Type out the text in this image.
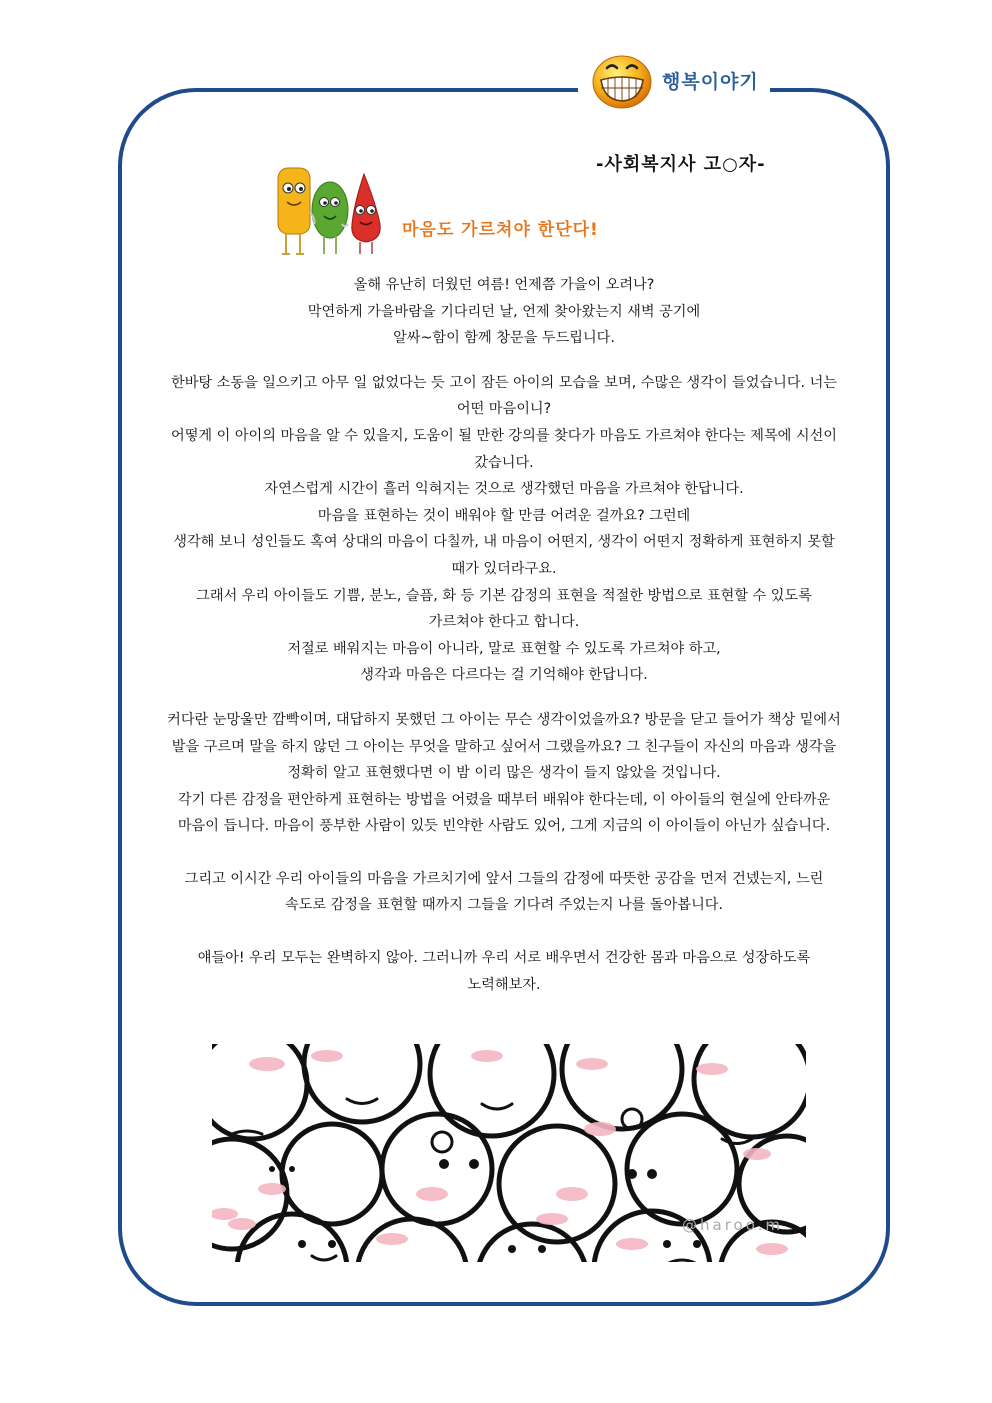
행복이야기
-사회복지사 고○자-
마음도 가르쳐야 한단다!

올해 유난히 더웠던 여름! 언제쯤 가을이 오려나?

막연하게 가을바람을 기다리던 날, 언제 찾아왔는지 새벽 공기에

알싸~함이 함께 창문을 두드립니다.

한바탕 소동을 일으키고 아무 일 없었다는 듯 고이 잠든 아이의 모습을 보며, 수많은 생각이 들었습니다. 너는

어떤 마음이니?

어떻게 이 아이의 마음을 알 수 있을지, 도움이 될 만한 강의를 찾다가 마음도 가르쳐야 한다는 제목에 시선이

갔습니다.

자연스럽게 시간이 흘러 익혀지는 것으로 생각했던 마음을 가르쳐야 한답니다.

마음을 표현하는 것이 배워야 할 만큼 어려운 걸까요? 그런데

생각해 보니 성인들도 혹여 상대의 마음이 다칠까, 내 마음이 어떤지, 생각이 어떤지 정확하게 표현하지 못할

때가 있더라구요.

그래서 우리 아이들도 기쁨, 분노, 슬픔, 화 등 기본 감정의 표현을 적절한 방법으로 표현할 수 있도록

가르쳐야 한다고 합니다.

저절로 배워지는 마음이 아니라, 말로 표현할 수 있도록 가르쳐야 하고,

생각과 마음은 다르다는 걸 기억해야 한답니다.

커다란 눈망울만 깜빡이며, 대답하지 못했던 그 아이는 무슨 생각이었을까요? 방문을 닫고 들어가 책상 밑에서

발을 구르며 말을 하지 않던 그 아이는 무엇을 말하고 싶어서 그랬을까요? 그 친구들이 자신의 마음과 생각을

정확히 알고 표현했다면 이 밤 이리 많은 생각이 들지 않았을 것입니다.

각기 다른 감정을 편안하게 표현하는 방법을 어렸을 때부터 배워야 한다는데, 이 아이들의 현실에 안타까운

마음이 듭니다. 마음이 풍부한 사람이 있듯 빈약한 사람도 있어, 그게 지금의 이 아이들이 아닌가 싶습니다.

그리고 이시간 우리 아이들의 마음을 가르치기에 앞서 그들의 감정에 따뜻한 공감을 먼저 건넸는지, 느린

속도로 감정을 표현할 때까지 그들을 기다려 주었는지 나를 돌아봅니다.

얘들아! 우리 모두는 완벽하지 않아. 그러니까 우리 서로 배우면서 건강한 몸과 마음으로 성장하도록

노력해보자.

@haroo.m
